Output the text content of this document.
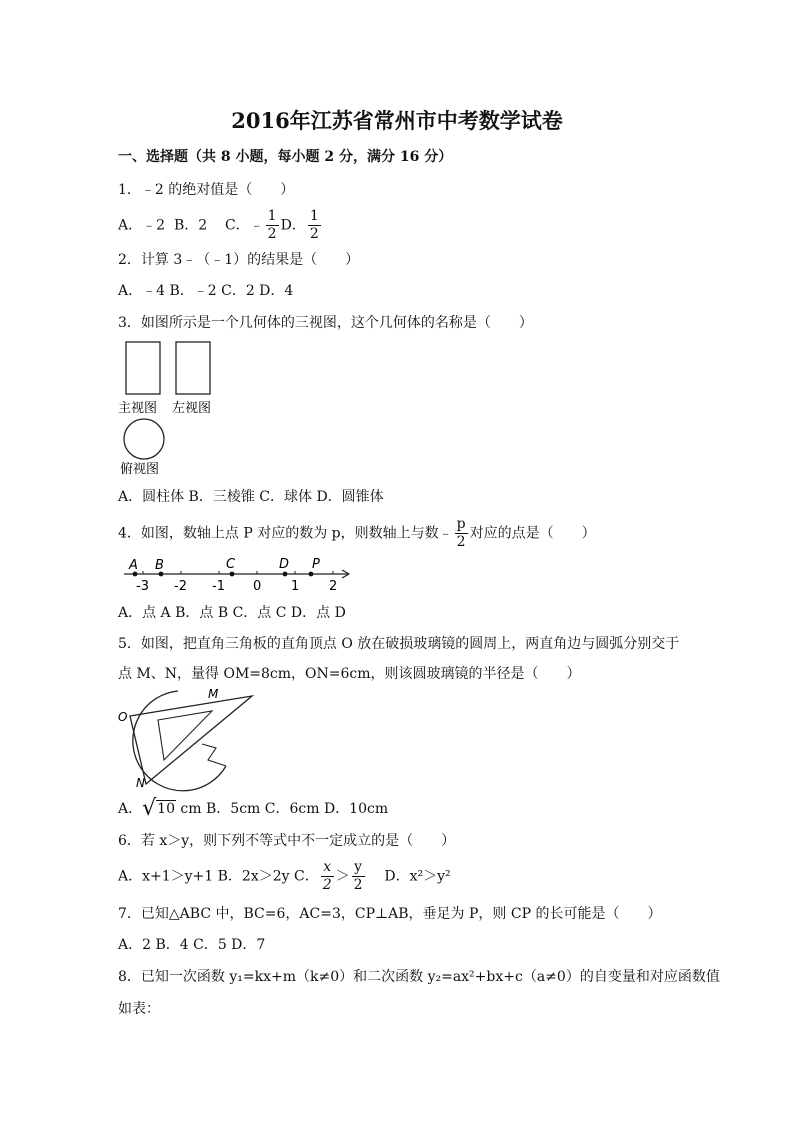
2016年江苏省常州市中考数学试卷
一、选择题（共 8 小题，每小题 2 分，满分 16 分）
1．﹣2 的绝对值是（　　）
A．﹣2 B．2 C．﹣ $\frac{1}{2}$ D． $\frac{1}{2}$
2．计算 3﹣（﹣1）的结果是（　　）
A．﹣4 B．﹣2 C．2 D．4
3．如图所示是一个几何体的三视图，这个几何体的名称是（　　）
主视图 左视图
俯视图
A．圆柱体 B．三棱锥 C．球体 D．圆锥体
4．如图，数轴上点 P 对应的数为 p，则数轴上与数﹣ $\frac{p}{2}$ 对应的点是（　　）
A B	C	D P
-3 -2 -1 0 1 2
A．点 A B．点 B C．点 C D．点 D
5．如图，把直角三角板的直角顶点 O 放在破损玻璃镜的圆周上，两直角边与圆弧分别交于
点 M、N，量得 OM=8cm，ON=6cm，则该圆玻璃镜的半径是（　　）
M
O
N
A．√10 cm B．5cm C．6cm D．10cm
6．若 x＞y，则下列不等式中不一定成立的是（　　）
A．x+1＞y+1 B．2x＞2y C． $\frac{x}{2} > \frac{y}{2}$ D．x²＞y²
7．已知△ABC 中，BC=6，AC=3，CP⊥AB，垂足为 P，则 CP 的长可能是（　　）
A．2 B．4 C．5 D．7
8．已知一次函数 y₁=kx+m（k≠0）和二次函数 y₂=ax²+bx+c（a≠0）的自变量和对应函数值
如表：
